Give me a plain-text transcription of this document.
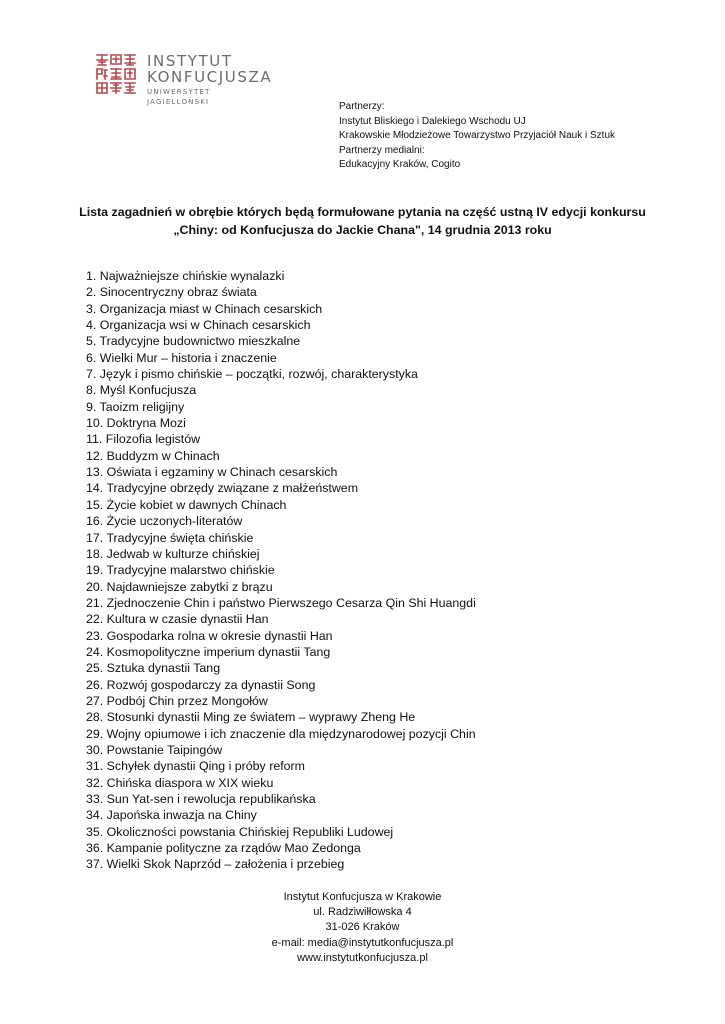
INSTYTUT
KONFUCJUSZA
UNIWERSYTET JAGIELLOŃSKI	Partnerzy:
Instytut Bliskiego i Dalekiego Wschodu UJ
Krakowskie Młodzieżowe Towarzystwo Przyjaciół Nauk i Sztuk
Partnerzy medialni:
Edukacyjny Kraków, Cogito
Lista zagadnień w obrębie których będą formułowane pytania na część ustną IV edycji konkursu
„Chiny: od Konfucjusza do Jackie Chana", 14 grudnia 2013 roku
1. Najważniejsze chińskie wynalazki
2. Sinocentryczny obraz świata
3. Organizacja miast w Chinach cesarskich
4. Organizacja wsi w Chinach cesarskich
5. Tradycyjne budownictwo mieszkalne
6. Wielki Mur – historia i znaczenie
7. Język i pismo chińskie – początki, rozwój, charakterystyka
8. Myśl Konfucjusza
9. Taoizm religijny
10. Doktryna Mozi
11. Filozofia legistów
12. Buddyzm w Chinach
13. Oświata i egzaminy w Chinach cesarskich
14. Tradycyjne obrzędy związane z małżeństwem
15. Życie kobiet w dawnych Chinach
16. Życie uczonych-literatów
17. Tradycyjne święta chińskie
18. Jedwab w kulturze chińskiej
19. Tradycyjne malarstwo chińskie
20. Najdawniejsze zabytki z brązu
21. Zjednoczenie Chin i państwo Pierwszego Cesarza Qin Shi Huangdi
22. Kultura w czasie dynastii Han
23. Gospodarka rolna w okresie dynastii Han
24. Kosmopolityczne imperium dynastii Tang
25. Sztuka dynastii Tang
26. Rozwój gospodarczy za dynastii Song
27. Podbój Chin przez Mongołów
28. Stosunki dynastii Ming ze światem – wyprawy Zheng He
29. Wojny opiumowe i ich znaczenie dla międzynarodowej pozycji Chin
30. Powstanie Taipingów
31. Schyłek dynastii Qing i próby reform
32. Chińska diaspora w XIX wieku
33. Sun Yat-sen i rewolucja republikańska
34. Japońska inwazja na Chiny
35. Okoliczności powstania Chińskiej Republiki Ludowej
36. Kampanie polityczne za rządów Mao Zedonga
37. Wielki Skok Naprzód – założenia i przebieg
Instytut Konfucjusza w Krakowie
ul. Radziwiłłowska 4
31-026 Kraków
e-mail: media@instytutkonfucjusza.pl
www.instytutkonfucjusza.pl
